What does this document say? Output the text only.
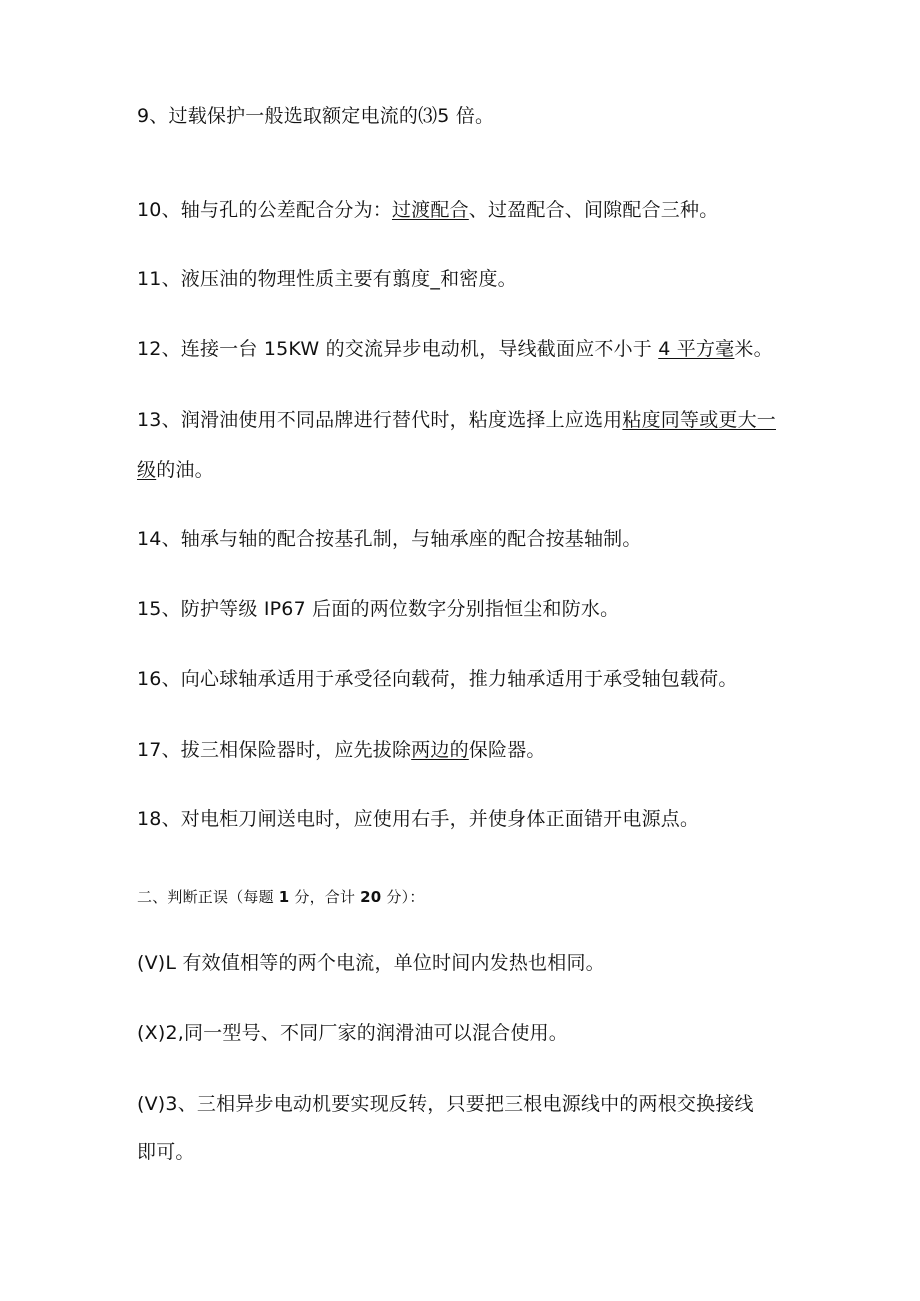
9、过载保护一般选取额定电流的⑶5 倍。
10、轴与孔的公差配合分为：过渡配合、过盈配合、间隙配合三种。
11、液压油的物理性质主要有翦度_和密度。
12、连接一台 15KW 的交流异步电动机，导线截面应不小于 4 平方毫米。
13、润滑油使用不同品牌进行替代时，粘度选择上应选用粘度同等或更大一
级的油。
14、轴承与轴的配合按基孔制，与轴承座的配合按基轴制。
15、防护等级 IP67 后面的两位数字分别指恒尘和防水。
16、向心球轴承适用于承受径向载荷，推力轴承适用于承受轴包载荷。
17、拔三相保险器时，应先拔除两边的保险器。
18、对电柜刀闸送电时，应使用右手，并使身体正面错开电源点。
二、判断正误（每题 1 分，合计 20 分）：
(V)L 有效值相等的两个电流，单位时间内发热也相同。
(X)2,同一型号、不同厂家的润滑油可以混合使用。
(V)3、三相异步电动机要实现反转，只要把三根电源线中的两根交换接线
即可。
